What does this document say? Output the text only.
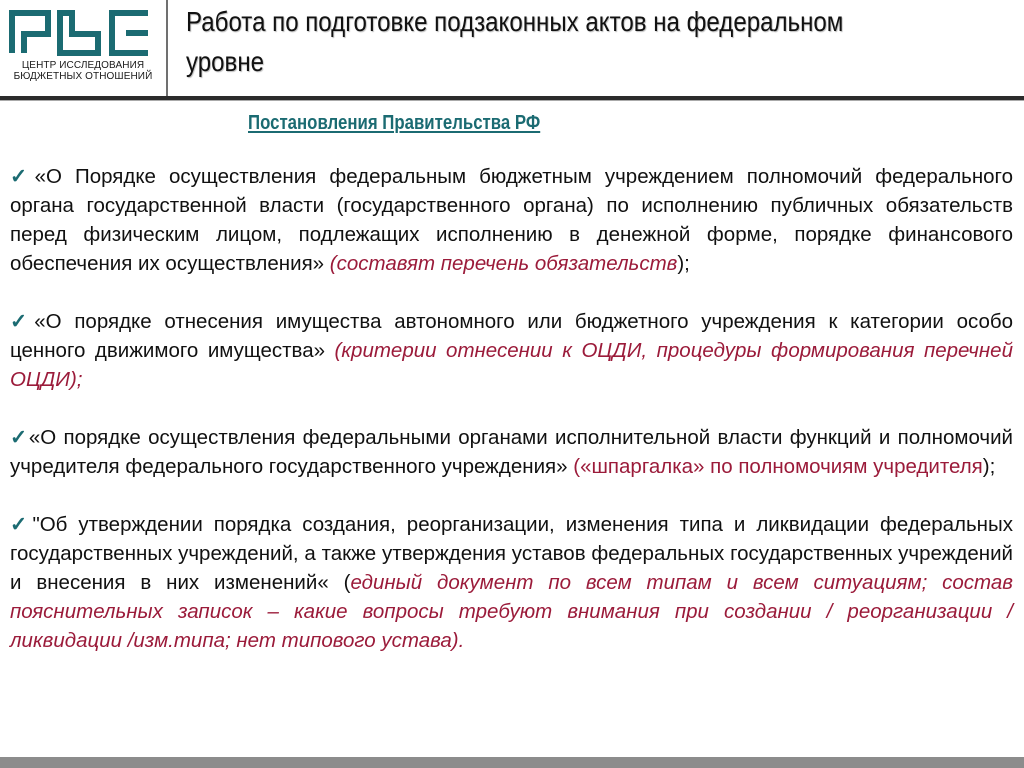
ЦЕНТР ИССЛЕДОВАНИЯ
БЮДЖЕТНЫХ ОТНОШЕНИЙ
Работа по подготовке подзаконных актов на федеральном уровне
Постановления Правительства РФ

✓«О Порядке осуществления федеральным бюджетным учреждением полномочий федерального органа государственной власти (государственного органа) по исполнению публичных обязательств перед физическим лицом, подлежащих исполнению в денежной форме, порядке финансового обеспечения их осуществления» (составят перечень обязательств);

✓«О порядке отнесения имущества автономного или бюджетного учреждения к категории особо ценного движимого имущества» (критерии отнесении к ОЦДИ, процедуры формирования перечней ОЦДИ);

✓«О порядке осуществления федеральными органами исполнительной власти функций и полномочий учредителя федерального государственного учреждения» («шпаргалка» по полномочиям учредителя);

✓"Об утверждении порядка создания, реорганизации, изменения типа и ликвидации федеральных государственных учреждений, а также утверждения уставов федеральных государственных учреждений и внесения в них изменений« (единый документ по всем типам и всем ситуациям; состав пояснительных записок – какие вопросы требуют внимания при создании / реорганизации / ликвидации /изм.типа; нет типового устава).
